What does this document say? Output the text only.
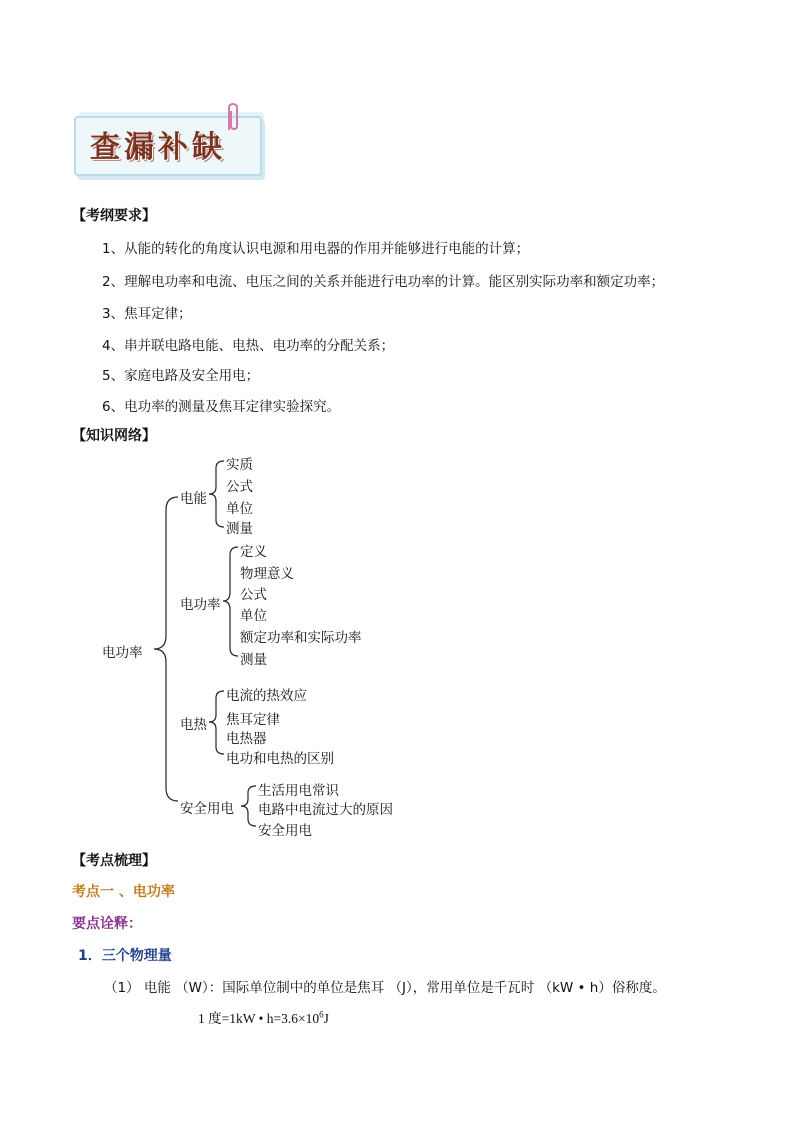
查漏补缺
【考纲要求】
1、从能的转化的角度认识电源和用电器的作用并能够进行电能的计算；
2、理解电功率和电流、电压之间的关系并能进行电功率的计算。能区别实际功率和额定功率；
3、焦耳定律；
4、串并联电路电能、电热、电功率的分配关系；
5、家庭电路及安全用电；
6、电功率的测量及焦耳定律实验探究。
【知识网络】
电功率
电能
实质
公式
单位
测量
电功率
定义
物理意义
公式
单位
额定功率和实际功率
测量
电热
电流的热效应
焦耳定律
电热器
电功和电热的区别
安全用电
生活用电常识
电路中电流过大的原因
安全用电
【考点梳理】
考点一 、电功率
要点诠释：
1．三个物理量
（1） 电能 （W）：国际单位制中的单位是焦耳 （J），常用单位是千瓦时 （kW • h）俗称度。
1 度=1kW • $h=3.6\times 10^6J$
